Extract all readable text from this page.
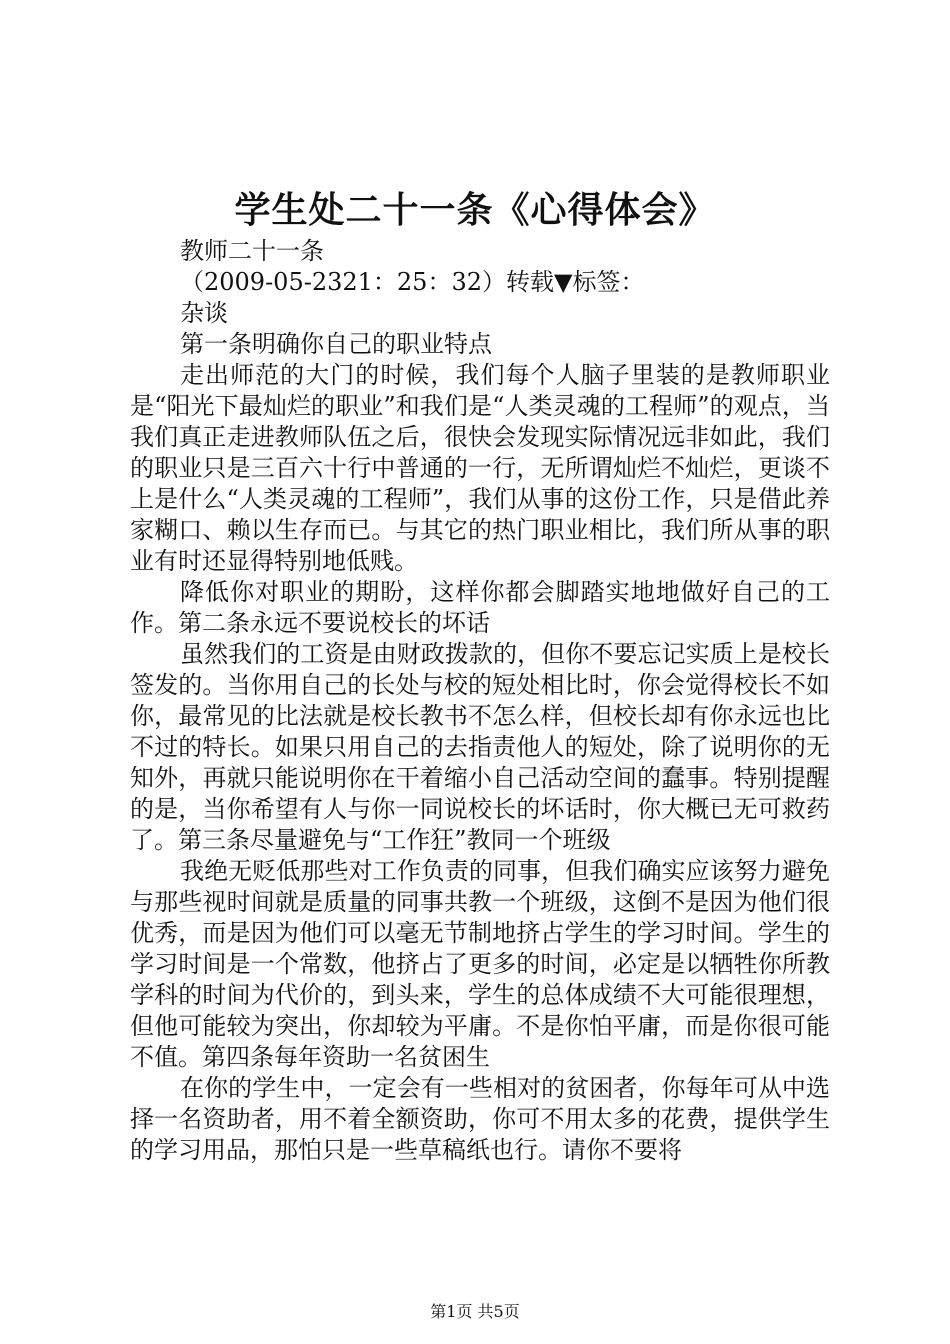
学生处二十一条《心得体会》
教师二十一条
（2009-05-2321：25：32）转载▼标签：
杂谈
第一条明确你自己的职业特点
走出师范的大门的时候，我们每个人脑子里装的是教师职业是“阳光下最灿烂的职业”和我们是“人类灵魂的工程师”的观点，当我们真正走进教师队伍之后，很快会发现实际情况远非如此，我们的职业只是三百六十行中普通的一行，无所谓灿烂不灿烂，更谈不上是什么“人类灵魂的工程师”，我们从事的这份工作，只是借此养家糊口、赖以生存而已。与其它的热门职业相比，我们所从事的职业有时还显得特别地低贱。
降低你对职业的期盼，这样你都会脚踏实地地做好自己的工作。第二条永远不要说校长的坏话
虽然我们的工资是由财政拨款的，但你不要忘记实质上是校长签发的。当你用自己的长处与校的短处相比时，你会觉得校长不如你，最常见的比法就是校长教书不怎么样，但校长却有你永远也比不过的特长。如果只用自己的去指责他人的短处，除了说明你的无知外，再就只能说明你在干着缩小自己活动空间的蠢事。特别提醒的是，当你希望有人与你一同说校长的坏话时，你大概已无可救药了。第三条尽量避免与“工作狂”教同一个班级
我绝无贬低那些对工作负责的同事，但我们确实应该努力避免与那些视时间就是质量的同事共教一个班级，这倒不是因为他们很优秀，而是因为他们可以毫无节制地挤占学生的学习时间。学生的学习时间是一个常数，他挤占了更多的时间，必定是以牺牲你所教学科的时间为代价的，到头来，学生的总体成绩不大可能很理想，但他可能较为突出，你却较为平庸。不是你怕平庸，而是你很可能不值。第四条每年资助一名贫困生
在你的学生中，一定会有一些相对的贫困者，你每年可从中选择一名资助者，用不着全额资助，你可不用太多的花费，提供学生的学习用品，那怕只是一些草稿纸也行。请你不要将
第1页 共5页
